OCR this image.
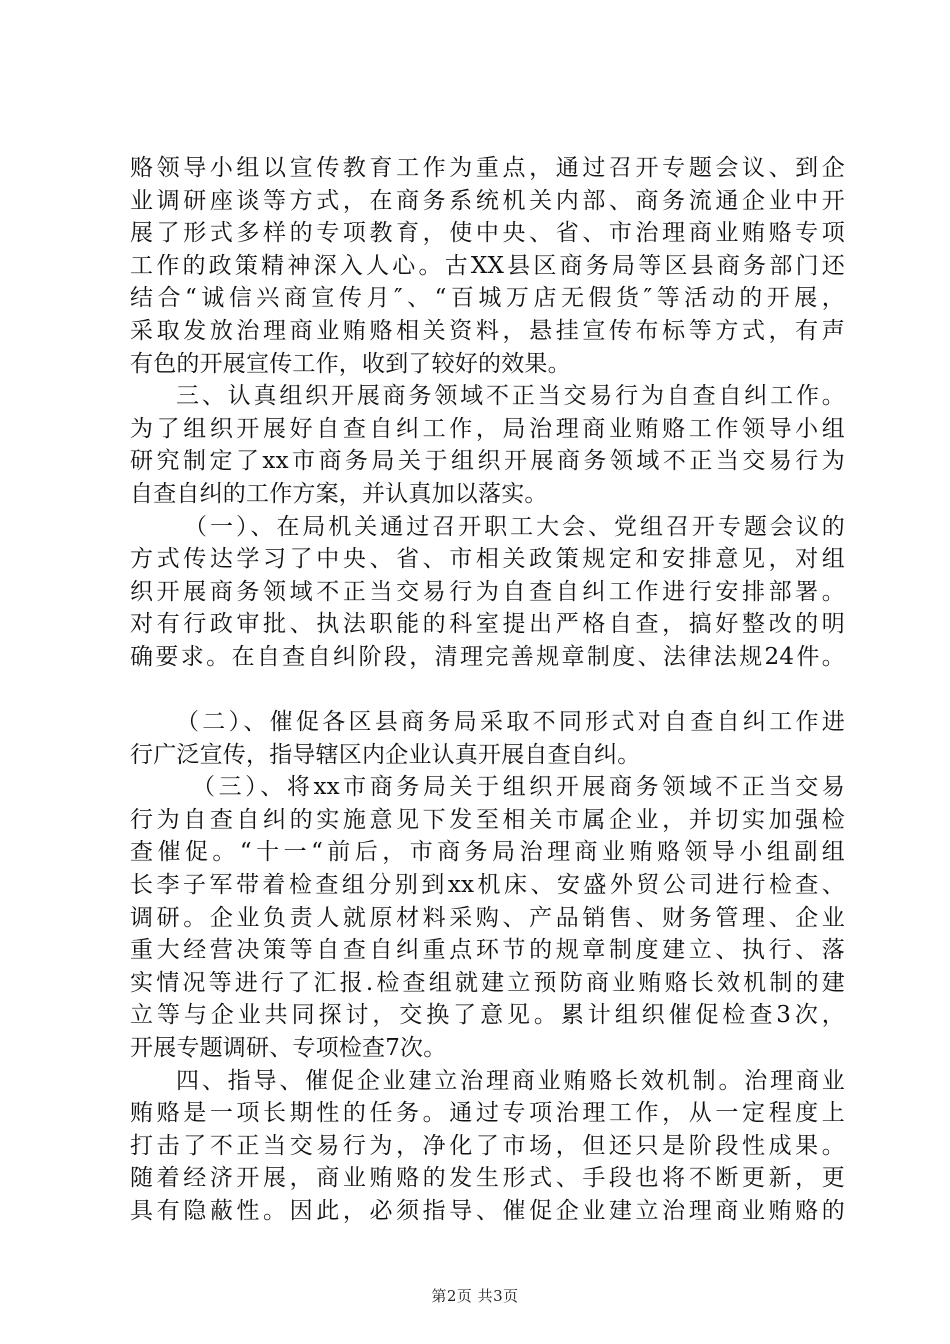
赂领导小组以宣传教育工作为重点，通过召开专题会议、到企
业调研座谈等方式，在商务系统机关内部、商务流通企业中开
展了形式多样的专项教育，使中央、省、市治理商业贿赂专项
工作的政策精神深入人心。古XX县区商务局等区县商务部门还
结合“诚信兴商宣传月″、“百城万店无假货″等活动的开展，
采取发放治理商业贿赂相关资料，悬挂宣传布标等方式，有声
有色的开展宣传工作，收到了较好的效果。
三、认真组织开展商务领域不正当交易行为自查自纠工作。
为了组织开展好自查自纠工作，局治理商业贿赂工作领导小组
研究制定了xx市商务局关于组织开展商务领域不正当交易行为
自查自纠的工作方案，并认真加以落实。
（一）、在局机关通过召开职工大会、党组召开专题会议的
方式传达学习了中央、省、市相关政策规定和安排意见，对组
织开展商务领域不正当交易行为自查自纠工作进行安排部署。
对有行政审批、执法职能的科室提出严格自查，搞好整改的明
确要求。在自查自纠阶段，清理完善规章制度、法律法规24件。
（二）、催促各区县商务局采取不同形式对自查自纠工作进
行广泛宣传，指导辖区内企业认真开展自查自纠。
（三）、将xx市商务局关于组织开展商务领域不正当交易
行为自查自纠的实施意见下发至相关市属企业，并切实加强检
查催促。“十一“前后，市商务局治理商业贿赂领导小组副组
长李子军带着检查组分别到xx机床、安盛外贸公司进行检查、
调研。企业负责人就原材料采购、产品销售、财务管理、企业
重大经营决策等自查自纠重点环节的规章制度建立、执行、落
实情况等进行了汇报.检查组就建立预防商业贿赂长效机制的建
立等与企业共同探讨，交换了意见。累计组织催促检查3次，
开展专题调研、专项检查7次。
四、指导、催促企业建立治理商业贿赂长效机制。治理商业
贿赂是一项长期性的任务。通过专项治理工作，从一定程度上
打击了不正当交易行为，净化了市场，但还只是阶段性成果。
随着经济开展，商业贿赂的发生形式、手段也将不断更新，更
具有隐蔽性。因此，必须指导、催促企业建立治理商业贿赂的
第2页 共3页
